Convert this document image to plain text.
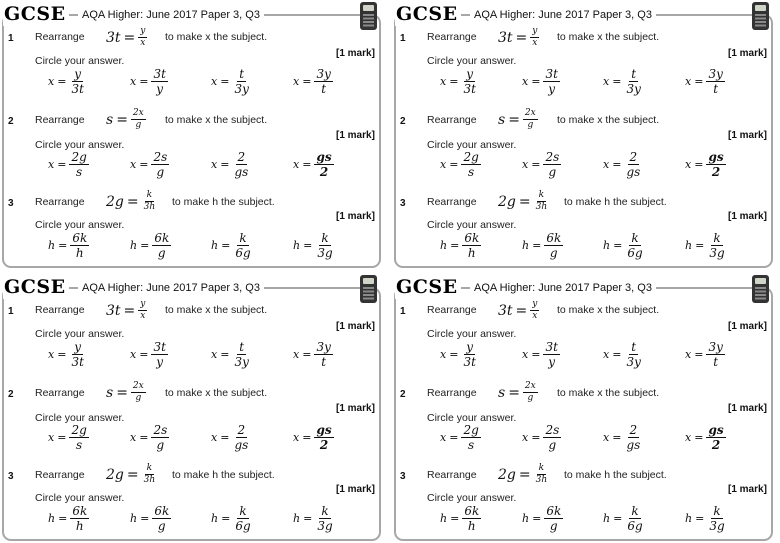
GCSE	AQA Higher: June 2017 Paper 3, Q3
1 Rearrange $3t = \frac{y}{x}$ to make x the subject.
[1 mark]
Circle your answer.
$x = \frac{y}{3t}$	$x = \frac{3t}{y}$	$x = \frac{t}{3y}$	$x = \frac{3y}{t}$
2 Rearrange $s = \frac{2x}{g}$ to make x the subject.
[1 mark]
Circle your answer.
$x = \frac{2g}{s}$	$x = \frac{2s}{g}$	$x = \frac{2}{gs}$	$x = \frac{gs}{2}$
3 Rearrange $2g = \frac{k}{3h}$ to make h the subject.
[1 mark]
Circle your answer.
$h = \frac{6k}{h}$	$h = \frac{6k}{g}$	$h = \frac{k}{6g}$	$h = \frac{k}{3g}$
GCSE	AQA Higher: June 2017 Paper 3, Q3
1 Rearrange $3t = \frac{y}{x}$ to make x the subject.
[1 mark]
Circle your answer.
$x = \frac{y}{3t}$	$x = \frac{3t}{y}$	$x = \frac{t}{3y}$	$x = \frac{3y}{t}$
2 Rearrange $s = \frac{2x}{g}$ to make x the subject.
[1 mark]
Circle your answer.
$x = \frac{2g}{s}$	$x = \frac{2s}{g}$	$x = \frac{2}{gs}$	$x = \frac{gs}{2}$
3 Rearrange $2g = \frac{k}{3h}$ to make h the subject.
[1 mark]
Circle your answer.
$h = \frac{6k}{h}$	$h = \frac{6k}{g}$	$h = \frac{k}{6g}$	$h = \frac{k}{3g}$
GCSE	AQA Higher: June 2017 Paper 3, Q3
1 Rearrange $3t = \frac{y}{x}$ to make x the subject.
[1 mark]
Circle your answer.
$x = \frac{y}{3t}$	$x = \frac{3t}{y}$	$x = \frac{t}{3y}$	$x = \frac{3y}{t}$
2 Rearrange $s = \frac{2x}{g}$ to make x the subject.
[1 mark]
Circle your answer.
$x = \frac{2g}{s}$	$x = \frac{2s}{g}$	$x = \frac{2}{gs}$	$x = \frac{gs}{2}$
3 Rearrange $2g = \frac{k}{3h}$ to make h the subject.
[1 mark]
Circle your answer.
$h = \frac{6k}{h}$	$h = \frac{6k}{g}$	$h = \frac{k}{6g}$	$h = \frac{k}{3g}$
GCSE	AQA Higher: June 2017 Paper 3, Q3
1 Rearrange $3t = \frac{y}{x}$ to make x the subject.
[1 mark]
Circle your answer.
$x = \frac{y}{3t}$	$x = \frac{3t}{y}$	$x = \frac{t}{3y}$	$x = \frac{3y}{t}$
2 Rearrange $s = \frac{2x}{g}$ to make x the subject.
[1 mark]
Circle your answer.
$x = \frac{2g}{s}$	$x = \frac{2s}{g}$	$x = \frac{2}{gs}$	$x = \frac{gs}{2}$
3 Rearrange $2g = \frac{k}{3h}$ to make h the subject.
[1 mark]
Circle your answer.
$h = \frac{6k}{h}$	$h = \frac{6k}{g}$	$h = \frac{k}{6g}$	$h = \frac{k}{3g}$
